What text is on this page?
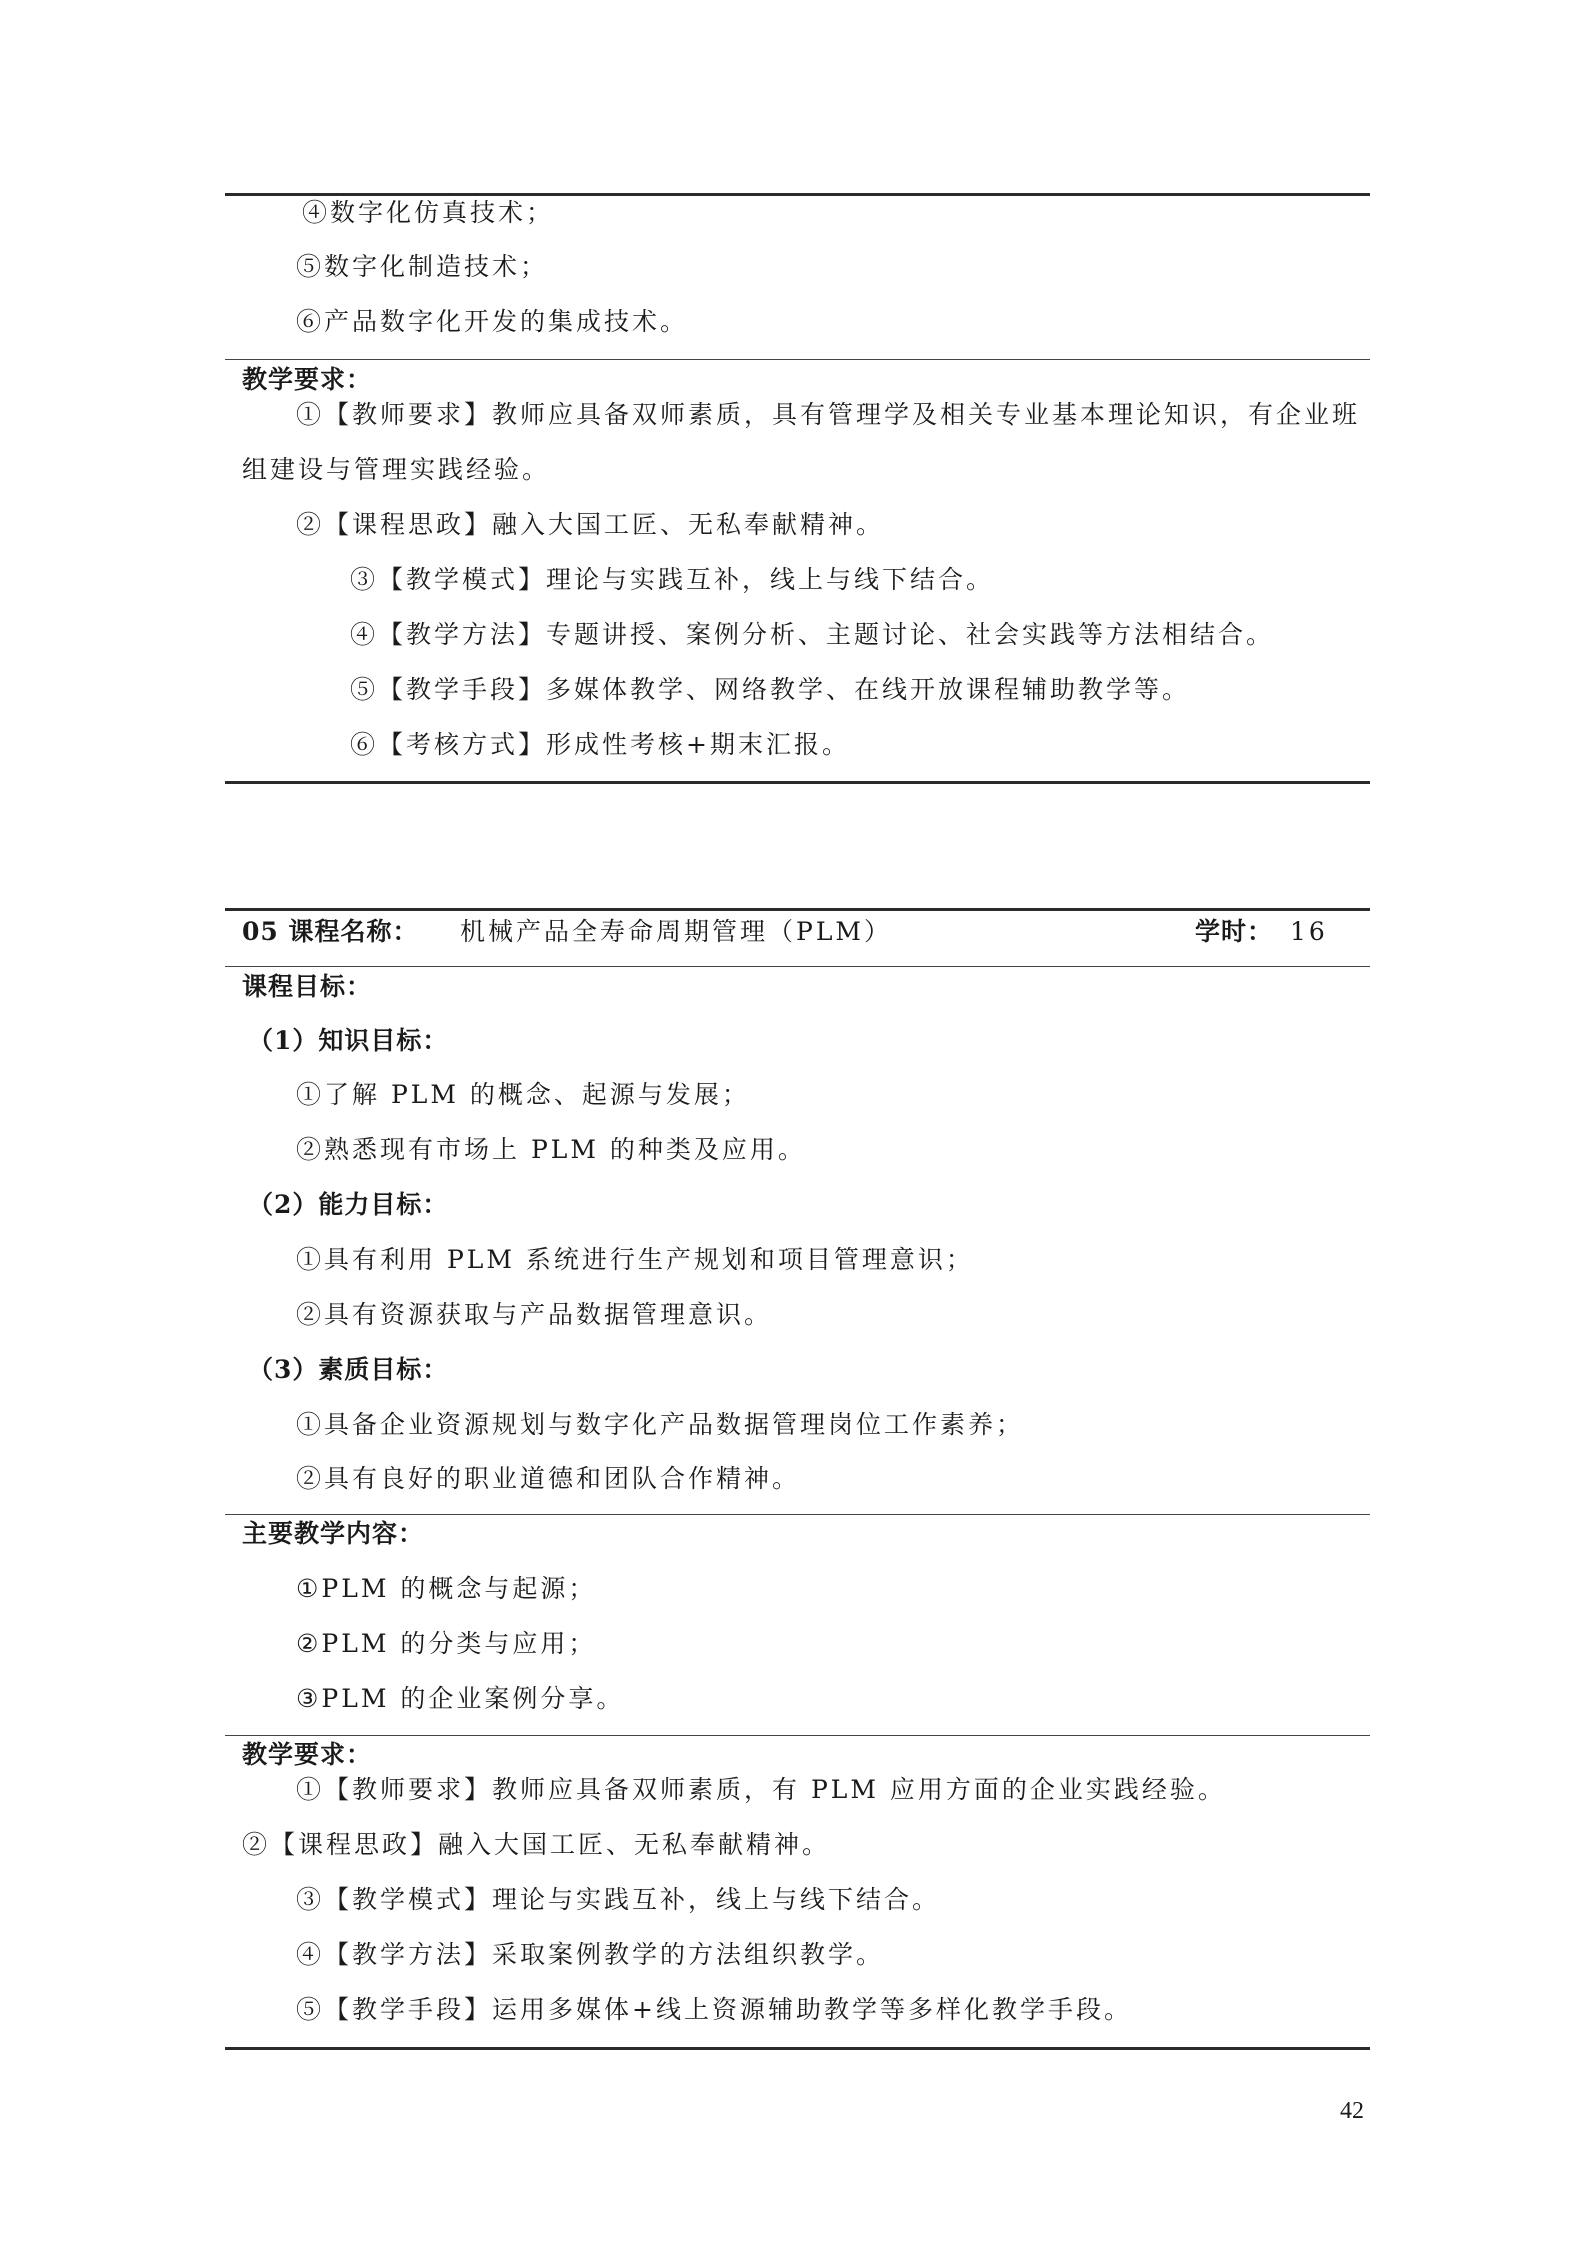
④数字化仿真技术；
⑤数字化制造技术；
⑥产品数字化开发的集成技术。
教学要求：
①【教师要求】教师应具备双师素质，具有管理学及相关专业基本理论知识，有企业班
组建设与管理实践经验。
②【课程思政】融入大国工匠、无私奉献精神。
③【教学模式】理论与实践互补，线上与线下结合。
④【教学方法】专题讲授、案例分析、主题讨论、社会实践等方法相结合。
⑤【教学手段】多媒体教学、网络教学、在线开放课程辅助教学等。
⑥【考核方式】形成性考核+期末汇报。
05 课程名称： 机械产品全寿命周期管理（PLM）	学时： 16
课程目标：
（1）知识目标：
①了解 PLM 的概念、起源与发展；
②熟悉现有市场上 PLM 的种类及应用。
（2）能力目标：
①具有利用 PLM 系统进行生产规划和项目管理意识；
②具有资源获取与产品数据管理意识。
（3）素质目标：
①具备企业资源规划与数字化产品数据管理岗位工作素养；
②具有良好的职业道德和团队合作精神。
主要教学内容：
①PLM 的概念与起源；
②PLM 的分类与应用；
③PLM 的企业案例分享。
教学要求：
①【教师要求】教师应具备双师素质，有 PLM 应用方面的企业实践经验。
②【课程思政】融入大国工匠、无私奉献精神。
③【教学模式】理论与实践互补，线上与线下结合。
④【教学方法】采取案例教学的方法组织教学。
⑤【教学手段】运用多媒体+线上资源辅助教学等多样化教学手段。
42
